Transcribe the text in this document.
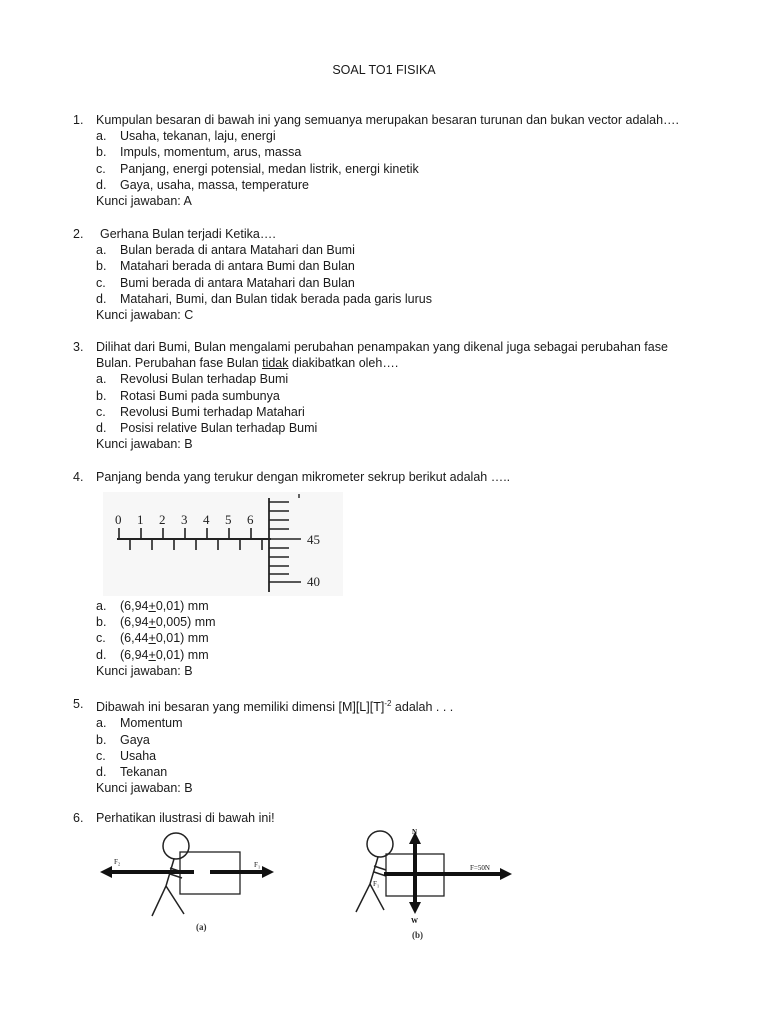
SOAL TO1 FISIKA
1. Kumpulan besaran di bawah ini yang semuanya merupakan besaran turunan dan bukan vector adalah….
a. Usaha, tekanan, laju, energi
b. Impuls, momentum, arus, massa
c. Panjang, energi potensial, medan listrik, energi kinetik
d. Gaya, usaha, massa, temperature
Kunci jawaban: A
2. Gerhana Bulan terjadi Ketika….
a. Bulan berada di antara Matahari dan Bumi
b. Matahari berada di antara Bumi dan Bulan
c. Bumi berada di antara Matahari dan Bulan
d. Matahari, Bumi, dan Bulan tidak berada pada garis lurus
Kunci jawaban: C
3. Dilihat dari Bumi, Bulan mengalami perubahan penampakan yang dikenal juga sebagai perubahan fase
Bulan. Perubahan fase Bulan tidak diakibatkan oleh….
a. Revolusi Bulan terhadap Bumi
b. Rotasi Bumi pada sumbunya
c. Revolusi Bumi terhadap Matahari
d. Posisi relative Bulan terhadap Bumi
Kunci jawaban: B
4. Panjang benda yang terukur dengan mikrometer sekrup berikut adalah …..
0 1 2 3 4 5 6
45
40
a. (6,94+0,01) mm
b. (6,94+0,005) mm
c. (6,44+0,01) mm
d. (6,94+0,01) mm
Kunci jawaban: B
5. Dibawah ini besaran yang memiliki dimensi $[M][L][T]^{-2}$ adalah . . .
a. Momentum
b. Gaya
c. Usaha
d. Tekanan
Kunci jawaban: B
6. Perhatikan ilustrasi di bawah ini!
F₂	F₁
(a)
N
W
F=50N
F₁
(b)
